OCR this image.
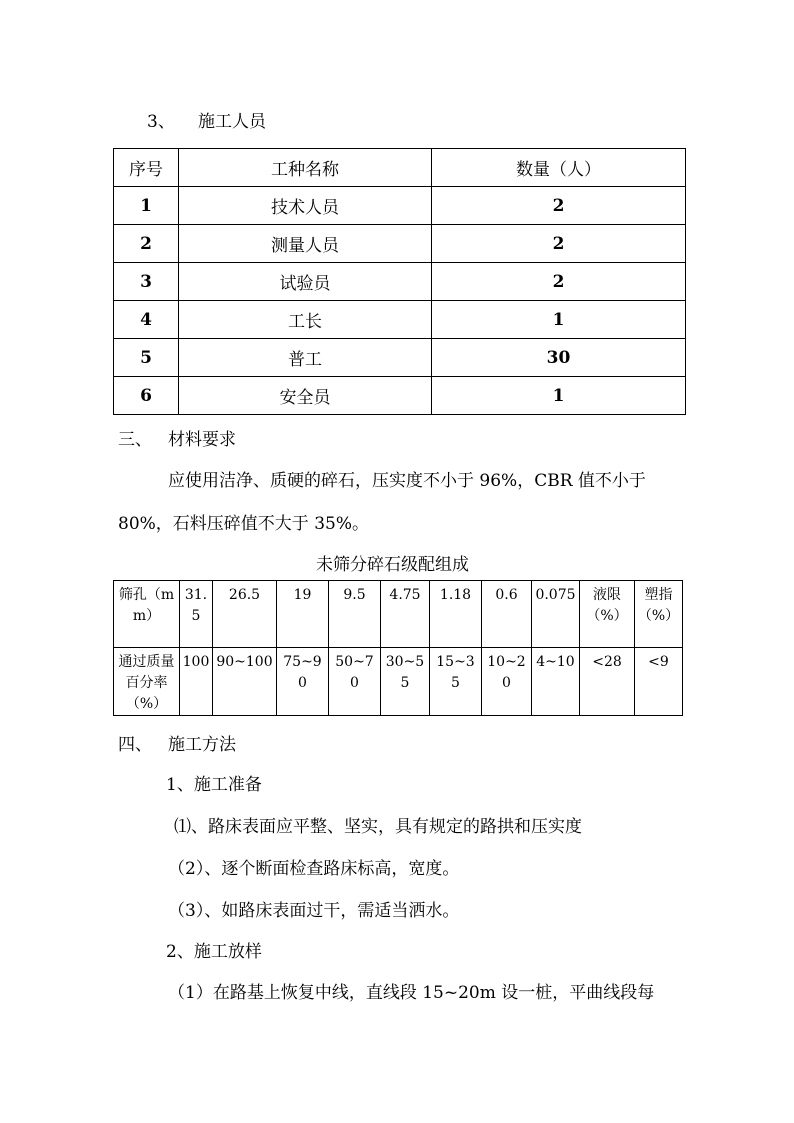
3、 施工人员
序号	工种名称	数量（人）
1	技术人员	2
2	测量人员	2
3	试验员	2
4	工长	1
5	普工	30
6	安全员	1
三、 材料要求
应使用洁净、质硬的碎石，压实度不小于 96%，CBR 值不小于
80%，石料压碎值不大于 35%。
未筛分碎石级配组成
筛孔（mm）	31.5	26.5	19	9.5	4.75	1.18	0.6	0.075	液限（%）	塑指（%）
通过质量百分率（%）	100	90~100	75~90	50~70	30~55	15~35	10~20	4~10	<28	<9
四、 施工方法
1、施工准备
⑴、路床表面应平整、坚实，具有规定的路拱和压实度
（2）、逐个断面检查路床标高，宽度。
（3）、如路床表面过干，需适当洒水。
2、施工放样
（1）在路基上恢复中线，直线段 15~20m 设一桩，平曲线段每
